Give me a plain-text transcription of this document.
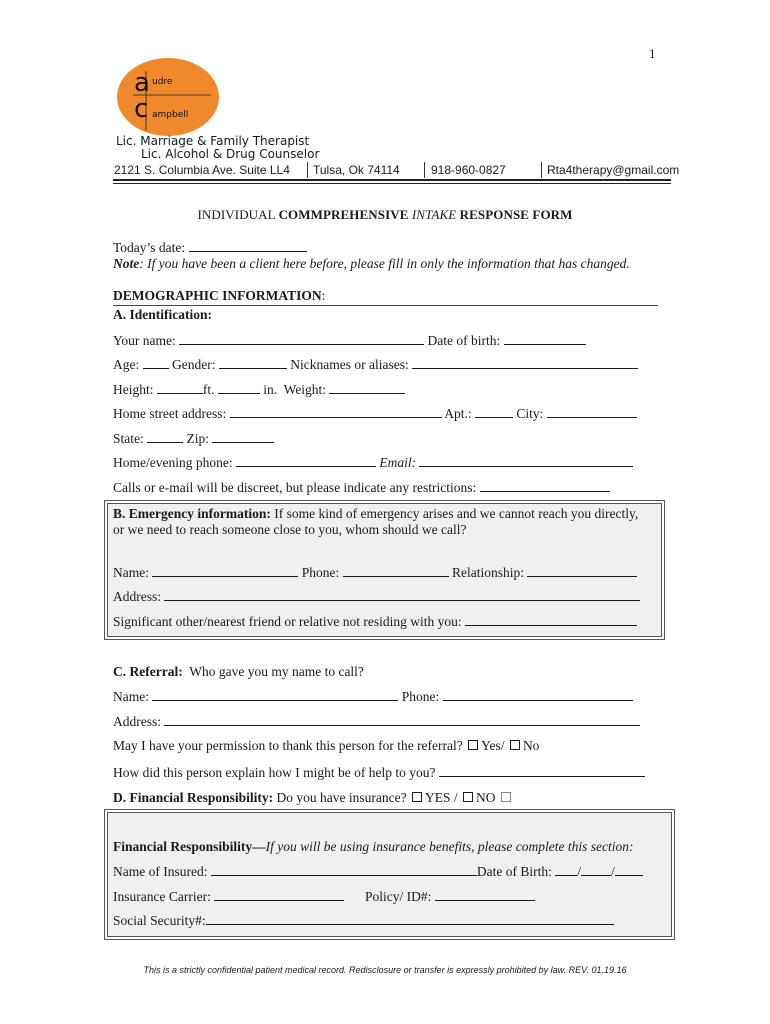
1
a udre
c ampbell
Lic. Marriage & Family Therapist
Lic. Alcohol & Drug Counselor
2121 S. Columbia Ave. Suite LL4 Tulsa, Ok 74114	918-960-0827	Rta4therapy@gmail.com
INDIVIDUAL COMMPREHENSIVE INTAKE RESPONSE FORM
Today’s date:
Note: If you have been a client here before, please fill in only the information that has changed.
DEMOGRAPHIC INFORMATION:
A. Identification:
Your name:	Date of birth:
Age: Gender:	Nicknames or aliases:
Height:	ft.	in. Weight:
Home street address:	Apt.:	City:
State:	Zip:
Home/evening phone:	Email:
Calls or e-mail will be discreet, but please indicate any restrictions:
B. Emergency information: If some kind of emergency arises and we cannot reach you directly,
or we need to reach someone close to you, whom should we call?
Name:	Phone:	Relationship:
Address:
Significant other/nearest friend or relative not residing with you:
C. Referral: Who gave you my name to call?
Name:	Phone:
Address:
May I have your permission to thank this person for the referral? Yes/ No
How did this person explain how I might be of help to you?
D. Financial Responsibility: Do you have insurance? YES / NO
Financial Responsibility—If you will be using insurance benefits, please complete this section:
Name of Insured:	Date of Birth: / /
Insurance Carrier:	Policy/ ID#:
Social Security#:
This is a strictly confidential patient medical record. Redisclosure or transfer is expressly prohibited by law. REV. 01.19.16
